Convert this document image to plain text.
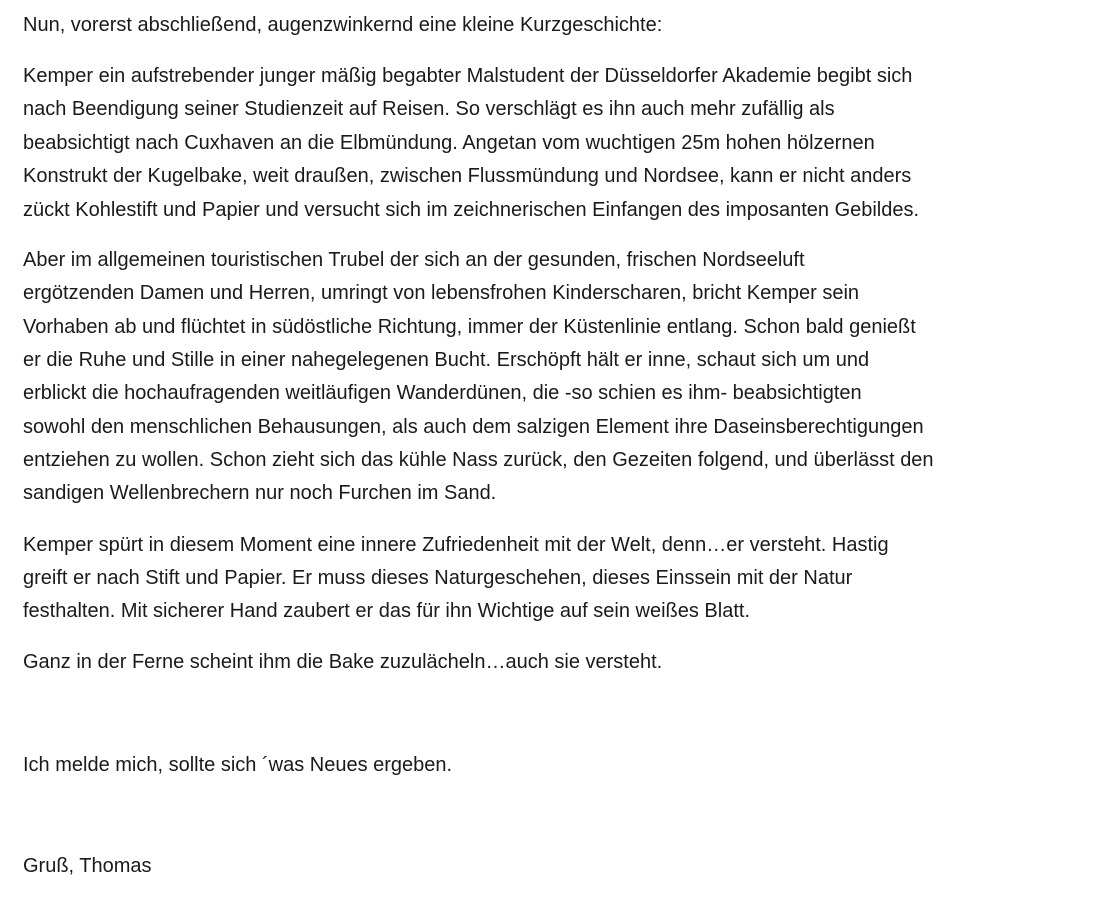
Nun, vorerst abschließend, augenzwinkernd eine kleine Kurzgeschichte:

Kemper ein aufstrebender junger mäßig begabter Malstudent der Düsseldorfer Akademie begibt sich

nach Beendigung seiner Studienzeit auf Reisen. So verschlägt es ihn auch mehr zufällig als

beabsichtigt nach Cuxhaven an die Elbmündung. Angetan vom wuchtigen 25m hohen hölzernen

Konstrukt der Kugelbake, weit draußen, zwischen Flussmündung und Nordsee, kann er nicht anders

zückt Kohlestift und Papier und versucht sich im zeichnerischen Einfangen des imposanten Gebildes.

Aber im allgemeinen touristischen Trubel der sich an der gesunden, frischen Nordseeluft

ergötzenden Damen und Herren, umringt von lebensfrohen Kinderscharen, bricht Kemper sein

Vorhaben ab und flüchtet in südöstliche Richtung, immer der Küstenlinie entlang. Schon bald genießt

er die Ruhe und Stille in einer nahegelegenen Bucht. Erschöpft hält er inne, schaut sich um und

erblickt die hochaufragenden weitläufigen Wanderdünen, die -so schien es ihm- beabsichtigten

sowohl den menschlichen Behausungen, als auch dem salzigen Element ihre Daseinsberechtigungen

entziehen zu wollen. Schon zieht sich das kühle Nass zurück, den Gezeiten folgend, und überlässt den

sandigen Wellenbrechern nur noch Furchen im Sand.

Kemper spürt in diesem Moment eine innere Zufriedenheit mit der Welt, denn…er versteht. Hastig

greift er nach Stift und Papier. Er muss dieses Naturgeschehen, dieses Einssein mit der Natur

festhalten. Mit sicherer Hand zaubert er das für ihn Wichtige auf sein weißes Blatt.

Ganz in der Ferne scheint ihm die Bake zuzulächeln…auch sie versteht.

Ich melde mich, sollte sich ´was Neues ergeben.

Gruß, Thomas
